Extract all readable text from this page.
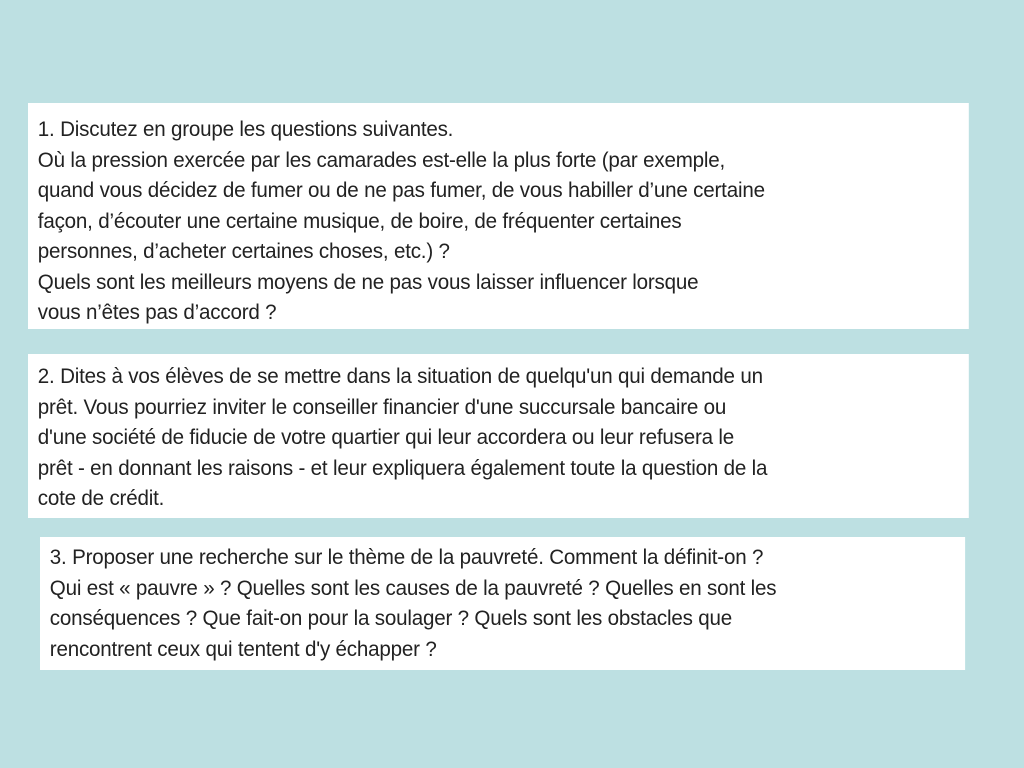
1. Discutez en groupe les questions suivantes.

Où la pression exercée par les camarades est-elle la plus forte (par exemple,

quand vous décidez de fumer ou de ne pas fumer, de vous habiller d’une certaine

façon, d’écouter une certaine musique, de boire, de fréquenter certaines

personnes, d’acheter certaines choses, etc.) ?

Quels sont les meilleurs moyens de ne pas vous laisser influencer lorsque

vous n’êtes pas d’accord ?

2. Dites à vos élèves de se mettre dans la situation de quelqu'un qui demande un

prêt. Vous pourriez inviter le conseiller financier d'une succursale bancaire ou

d'une société de fiducie de votre quartier qui leur accordera ou leur refusera le

prêt - en donnant les raisons - et leur expliquera également toute la question de la

cote de crédit.

3. Proposer une recherche sur le thème de la pauvreté. Comment la définit-on ?

Qui est « pauvre » ? Quelles sont les causes de la pauvreté ? Quelles en sont les

conséquences ? Que fait-on pour la soulager ? Quels sont les obstacles que

rencontrent ceux qui tentent d'y échapper ?
